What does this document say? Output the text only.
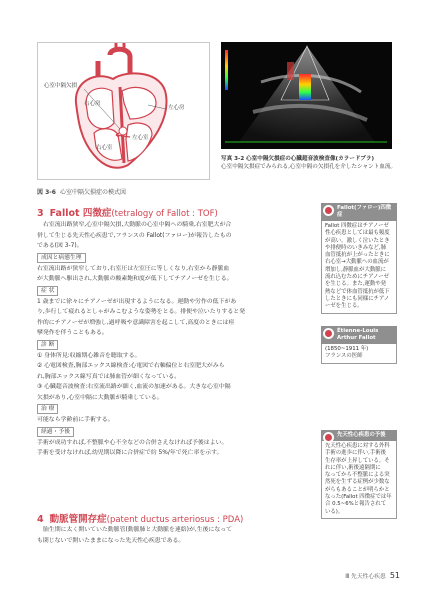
心室中隔欠損
右心房
左心房
右心室
左心室
図 3-6 心室中隔欠損症の模式図
写真 3-2 心室中隔欠損症の心臓超音波検査像(カラードプラ)
心室中隔欠損症でみられる,心室中隔の欠損孔を介したシャント血流。
3 Fallot 四徴症(tetralogy of Fallot : TOF)
右室流出路狭窄,心室中隔欠損,大動脈の心室中隔への騎乗,右室肥大が合
併して生じる先天性心疾患で,フランスの Fallot(ファロー)が報告したもの
である(図 3-7)。
成因と病態生理
右室流出路が狭窄しており,右室圧は左室圧に等しくなり,右室から静脈血
が大動脈へ駆出され,大動脈の酸素飽和度が低下してチアノーゼを生じる。
症 状
1 歳までに徐々にチアノーゼが出現するようになる。運動や労作の低下があ
り,歩行して疲れるとしゃがみこむような姿勢をとる。排便や泣いたりすると発
作的にチアノーゼが増強し,過呼吸や意識障害を起こして,高度のときには痙
攣発作を伴うこともある。
診 断
① 身体所見:収縮期心雑音を聴取する。
② 心電図検査,胸部エックス線検査:心電図で右軸偏位と右室肥大がみら
れ,胸部エックス線写真では肺血管が細くなっている。
③ 心臓超音波検査:右室流出路が細く,血流の加速がある。大きな心室中隔
欠損があり,心室中隔に大動脈が騎乗している。
治 療
可能なら学齢前に手術する。
経過・予後
手術が成功すれば,不整脈や心不全などの合併さえなければ予後はよい。
手術を受けなければ,幼児期以降に合併症で約 5%/年で死亡率を示す。
4 動脈管開存症(patent ductus arteriosus : PDA)
胎生期に太く開いていた動脈管(動脈肺と大動脈を連絡)が,生後になって
も閉じないで開いたままになった先天性心疾患である。
Fallot(ファロー)四徴症
Fallot 四徴症はチアノーゼ
性心疾患としては最も頻度
が高い。激しく泣いたとき
や排便時のいきみなど,肺
血管抵抗が上がったときに
右心室→大動脈への血流が
増加し,静脈血が大動脈に
流れ込むためにチアノーゼ
を生じる。また,運動や発
熱などで体血管抵抗が低下
したときにも同様にチアノ
ーゼを生じる。
Étienne-Louis Arthur Fallot
(1850~1911 年)
フランスの医師
先天性心疾患の予後
先天性心疾患に対する外科
手術の進歩に伴い,手術後
生存率が上昇している。そ
れに伴い,術後遠隔期に
なってから不整脈による突
然死を生ずる症例が少数な
がらもあることが明らかと
なった(Fallot 四徴症では年
合 0.5~6%と報告されて
いる)。
Ⅲ 先天性心疾患 51
